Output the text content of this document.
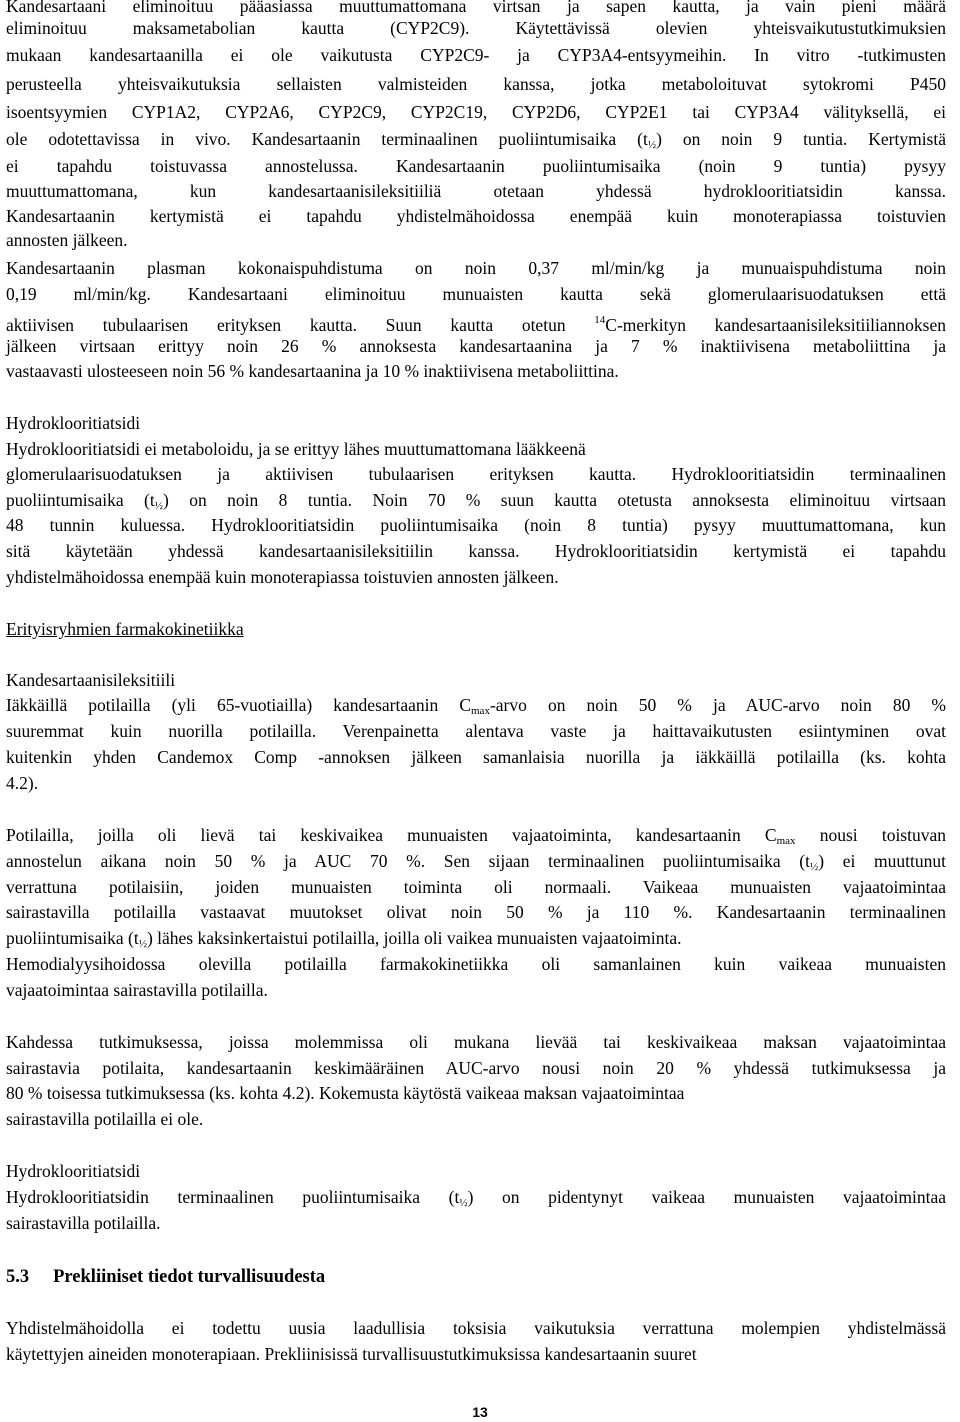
Kandesartaani eliminoituu pääasiassa muuttumattomana virtsan ja sapen kautta, ja vain pieni määrä
eliminoituu maksametabolian kautta (CYP2C9). Käytettävissä olevien yhteisvaikutustutkimuksien
mukaan kandesartaanilla ei ole vaikutusta CYP2C9- ja CYP3A4-entsyymeihin. In vitro -tutkimusten
perusteella yhteisvaikutuksia sellaisten valmisteiden kanssa, jotka metaboloituvat sytokromi P450
isoentsyymien CYP1A2, CYP2A6, CYP2C9, CYP2C19, CYP2D6, CYP2E1 tai CYP3A4 välityksellä, ei
ole odotettavissa in vivo. Kandesartaanin terminaalinen puoliintumisaika $(t_{\frac{1}{2}})$ on noin 9 tuntia. Kertymistä
ei tapahdu toistuvassa annostelussa. Kandesartaanin puoliintumisaika (noin 9 tuntia) pysyy
muuttumattomana, kun kandesartaanisileksitiiliä otetaan yhdessä hydroklooritiatsidin kanssa.
Kandesartaanin kertymistä ei tapahdu yhdistelmähoidossa enempää kuin monoterapiassa toistuvien
annosten jälkeen.
Kandesartaanin plasman kokonaispuhdistuma on noin 0,37 ml/min/kg ja munuaispuhdistuma noin
0,19 ml/min/kg. Kandesartaani eliminoituu munuaisten kautta sekä glomerulaarisuodatuksen että
aktiivisen tubulaarisen erityksen kautta. Suun kautta otetun $^{14}$C-merkityn kandesartaanisileksitiiliannoksen
jälkeen virtsaan erittyy noin 26 % annoksesta kandesartaanina ja 7 % inaktiivisena metaboliittina ja
vastaavasti ulosteeseen noin 56 % kandesartaanina ja 10 % inaktiivisena metaboliittina.
Hydroklooritiatsidi
Hydroklooritiatsidi ei metaboloidu, ja se erittyy lähes muuttumattomana lääkkeenä
glomerulaarisuodatuksen ja aktiivisen tubulaarisen erityksen kautta. Hydroklooritiatsidin terminaalinen
puoliintumisaika $(t_{\frac{1}{2}})$ on noin 8 tuntia. Noin 70 % suun kautta otetusta annoksesta eliminoituu virtsaan
48 tunnin kuluessa. Hydroklooritiatsidin puoliintumisaika (noin 8 tuntia) pysyy muuttumattomana, kun
sitä käytetään yhdessä kandesartaanisileksitiilin kanssa. Hydroklooritiatsidin kertymistä ei tapahdu
yhdistelmähoidossa enempää kuin monoterapiassa toistuvien annosten jälkeen.
Erityisryhmien farmakokinetiikka
Kandesartaanisileksitiili
Iäkkäillä potilailla (yli 65-vuotiailla) kandesartaanin $C_{max}$-arvo on noin 50 % ja AUC-arvo noin 80 %
suuremmat kuin nuorilla potilailla. Verenpainetta alentava vaste ja haittavaikutusten esiintyminen ovat
kuitenkin yhden Candemox Comp -annoksen jälkeen samanlaisia nuorilla ja iäkkäillä potilailla (ks. kohta
4.2).
Potilailla, joilla oli lievä tai keskivaikea munuaisten vajaatoiminta, kandesartaanin $C_{max}$ nousi toistuvan
annostelun aikana noin 50 % ja AUC 70 %. Sen sijaan terminaalinen puoliintumisaika $(t_{\frac{1}{2}})$ ei muuttunut
verrattuna potilaisiin, joiden munuaisten toiminta oli normaali. Vaikeaa munuaisten vajaatoimintaa
sairastavilla potilailla vastaavat muutokset olivat noin 50 % ja 110 %. Kandesartaanin terminaalinen
puoliintumisaika $(t_{\frac{1}{2}})$ lähes kaksinkertaistui potilailla, joilla oli vaikea munuaisten vajaatoiminta.
Hemodialyysihoidossa olevilla potilailla farmakokinetiikka oli samanlainen kuin vaikeaa munuaisten
vajaatoimintaa sairastavilla potilailla.
Kahdessa tutkimuksessa, joissa molemmissa oli mukana lievää tai keskivaikeaa maksan vajaatoimintaa
sairastavia potilaita, kandesartaanin keskimääräinen AUC-arvo nousi noin 20 % yhdessä tutkimuksessa ja
80 % toisessa tutkimuksessa (ks. kohta 4.2). Kokemusta käytöstä vaikeaa maksan vajaatoimintaa
sairastavilla potilailla ei ole.
Hydroklooritiatsidi
Hydroklooritiatsidin terminaalinen puoliintumisaika $(t_{\frac{1}{2}})$ on pidentynyt vaikeaa munuaisten vajaatoimintaa
sairastavilla potilailla.
5.3 Prekliiniset tiedot turvallisuudesta
Yhdistelmähoidolla ei todettu uusia laadullisia toksisia vaikutuksia verrattuna molempien yhdistelmässä
käytettyjen aineiden monoterapiaan. Prekliinisissä turvallisuustutkimuksissa kandesartaanin suuret
13
